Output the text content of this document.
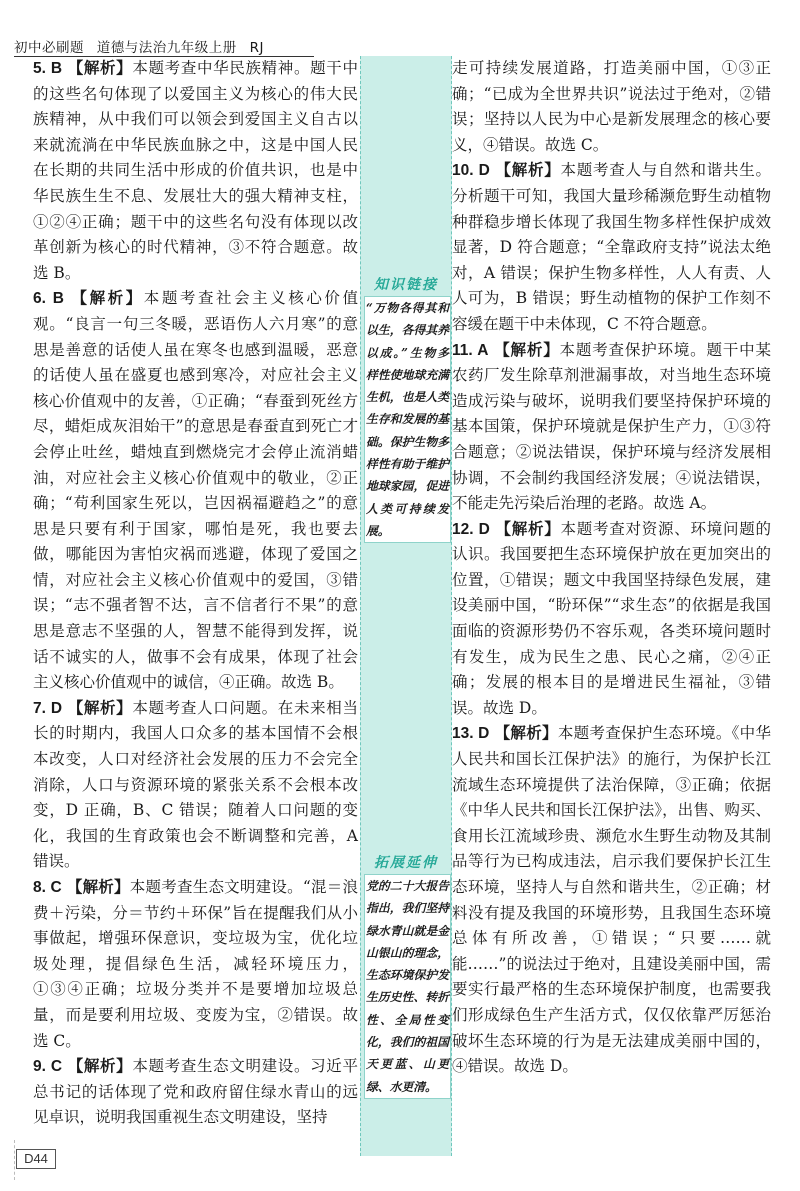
初中必刷题 道德与法治九年级上册 RJ

5. B 【解析】本题考查中华民族精神。题干中的这些名句体现了以爱国主义为核心的伟大民族精神，从中我们可以领会到爱国主义自古以来就流淌在中华民族血脉之中，这是中国人民在长期的共同生活中形成的价值共识，也是中华民族生生不息、发展壮大的强大精神支柱，①②④正确；题干中的这些名句没有体现以改革创新为核心的时代精神，③不符合题意。故选 B。

6. B 【解析】本题考查社会主义核心价值观。“良言一句三冬暖，恶语伤人六月寒”的意思是善意的话使人虽在寒冬也感到温暖，恶意的话使人虽在盛夏也感到寒冷，对应社会主义核心价值观中的友善，①正确；“春蚕到死丝方尽，蜡炬成灰泪始干”的意思是春蚕直到死亡才会停止吐丝，蜡烛直到燃烧完才会停止流消蜡油，对应社会主义核心价值观中的敬业，②正确；“苟利国家生死以，岂因祸福避趋之”的意思是只要有利于国家，哪怕是死，我也要去做，哪能因为害怕灾祸而逃避，体现了爱国之情，对应社会主义核心价值观中的爱国，③错误；“志不强者智不达，言不信者行不果”的意思是意志不坚强的人，智慧不能得到发挥，说话不诚实的人，做事不会有成果，体现了社会主义核心价值观中的诚信，④正确。故选 B。

7. D 【解析】本题考查人口问题。在未来相当长的时期内，我国人口众多的基本国情不会根本改变，人口对经济社会发展的压力不会完全消除，人口与资源环境的紧张关系不会根本改变，D 正确，B、C 错误；随着人口问题的变化，我国的生育政策也会不断调整和完善，A 错误。

8. C 【解析】本题考查生态文明建设。“混＝浪费＋污染，分＝节约＋环保”旨在提醒我们从小事做起，增强环保意识，变垃圾为宝，优化垃圾处理，提倡绿色生活，减轻环境压力，①③④正确；垃圾分类并不是要增加垃圾总量，而是要利用垃圾、变废为宝，②错误。故选 C。

9. C 【解析】本题考查生态文明建设。习近平总书记的话体现了党和政府留住绿水青山的远见卓识，说明我国重视生态文明建设，坚持

知识链接
“万物各得其和以生，各得其养以成。”生物多样性使地球充满生机，也是人类生存和发展的基础。保护生物多样性有助于维护地球家园，促进人类可持续发展。
拓展延伸
党的二十大报告指出，我们坚持绿水青山就是金山银山的理念，生态环境保护发生历史性、转折性、全局性变化，我们的祖国天更蓝、山更绿、水更清。

走可持续发展道路，打造美丽中国，①③正确；“已成为全世界共识”说法过于绝对，②错误；坚持以人民为中心是新发展理念的核心要义，④错误。故选 C。

10. D 【解析】本题考查人与自然和谐共生。分析题干可知，我国大量珍稀濒危野生动植物种群稳步增长体现了我国生物多样性保护成效显著，D 符合题意；“全靠政府支持”说法太绝对，A 错误；保护生物多样性，人人有责、人人可为，B 错误；野生动植物的保护工作刻不容缓在题干中未体现，C 不符合题意。

11. A 【解析】本题考查保护环境。题干中某农药厂发生除草剂泄漏事故，对当地生态环境造成污染与破坏，说明我们要坚持保护环境的基本国策，保护环境就是保护生产力，①③符合题意；②说法错误，保护环境与经济发展相协调，不会制约我国经济发展；④说法错误，不能走先污染后治理的老路。故选 A。

12. D 【解析】本题考查对资源、环境问题的认识。我国要把生态环境保护放在更加突出的位置，①错误；题文中我国坚持绿色发展，建设美丽中国，“盼环保”“求生态”的依据是我国面临的资源形势仍不容乐观，各类环境问题时有发生，成为民生之患、民心之痛，②④正确；发展的根本目的是增进民生福祉，③错误。故选 D。

13. D 【解析】本题考查保护生态环境。《中华人民共和国长江保护法》的施行，为保护长江流域生态环境提供了法治保障，③正确；依据《中华人民共和国长江保护法》，出售、购买、食用长江流域珍贵、濒危水生野生动物及其制品等行为已构成违法，启示我们要保护长江生态环境，坚持人与自然和谐共生，②正确；材料没有提及我国的环境形势，且我国生态环境总体有所改善，①错误；“只要……就能……”的说法过于绝对，且建设美丽中国，需要实行最严格的生态环境保护制度，也需要我们形成绿色生产生活方式，仅仅依靠严厉惩治破坏生态环境的行为是无法建成美丽中国的，④错误。故选 D。

D44
